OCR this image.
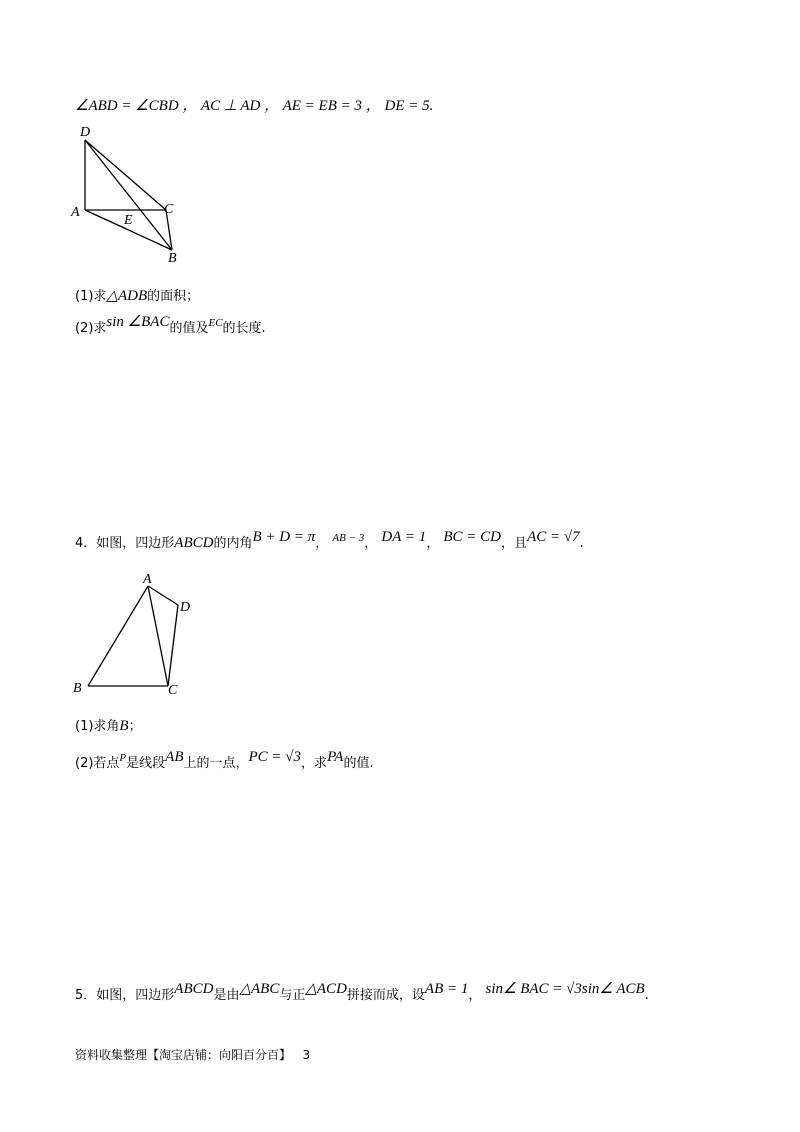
∠ABD = ∠CBD ， AC ⊥ AD ， AE = EB = 3 ， DE = 5.
D
A	C
E
B
(1)求△ADB的面积；
(2)求sin ∠BAC的值及$^{EC}$的长度.
4．如图，四边形ABCD的内角B + D = π， $^{AB - 3}$， DA = 1， BC = CD，且AC = √7.
A
D
B	C
(1)求角B；
(2)若点$^P$是线段AB上的一点，PC = √3，求PA的值.
5．如图，四边形ABCD是由△ABC与正△ACD拼接而成，设AB = 1， sin∠ BAC = √3sin∠ ACB.
资料收集整理【淘宝店铺：向阳百分百】 3
